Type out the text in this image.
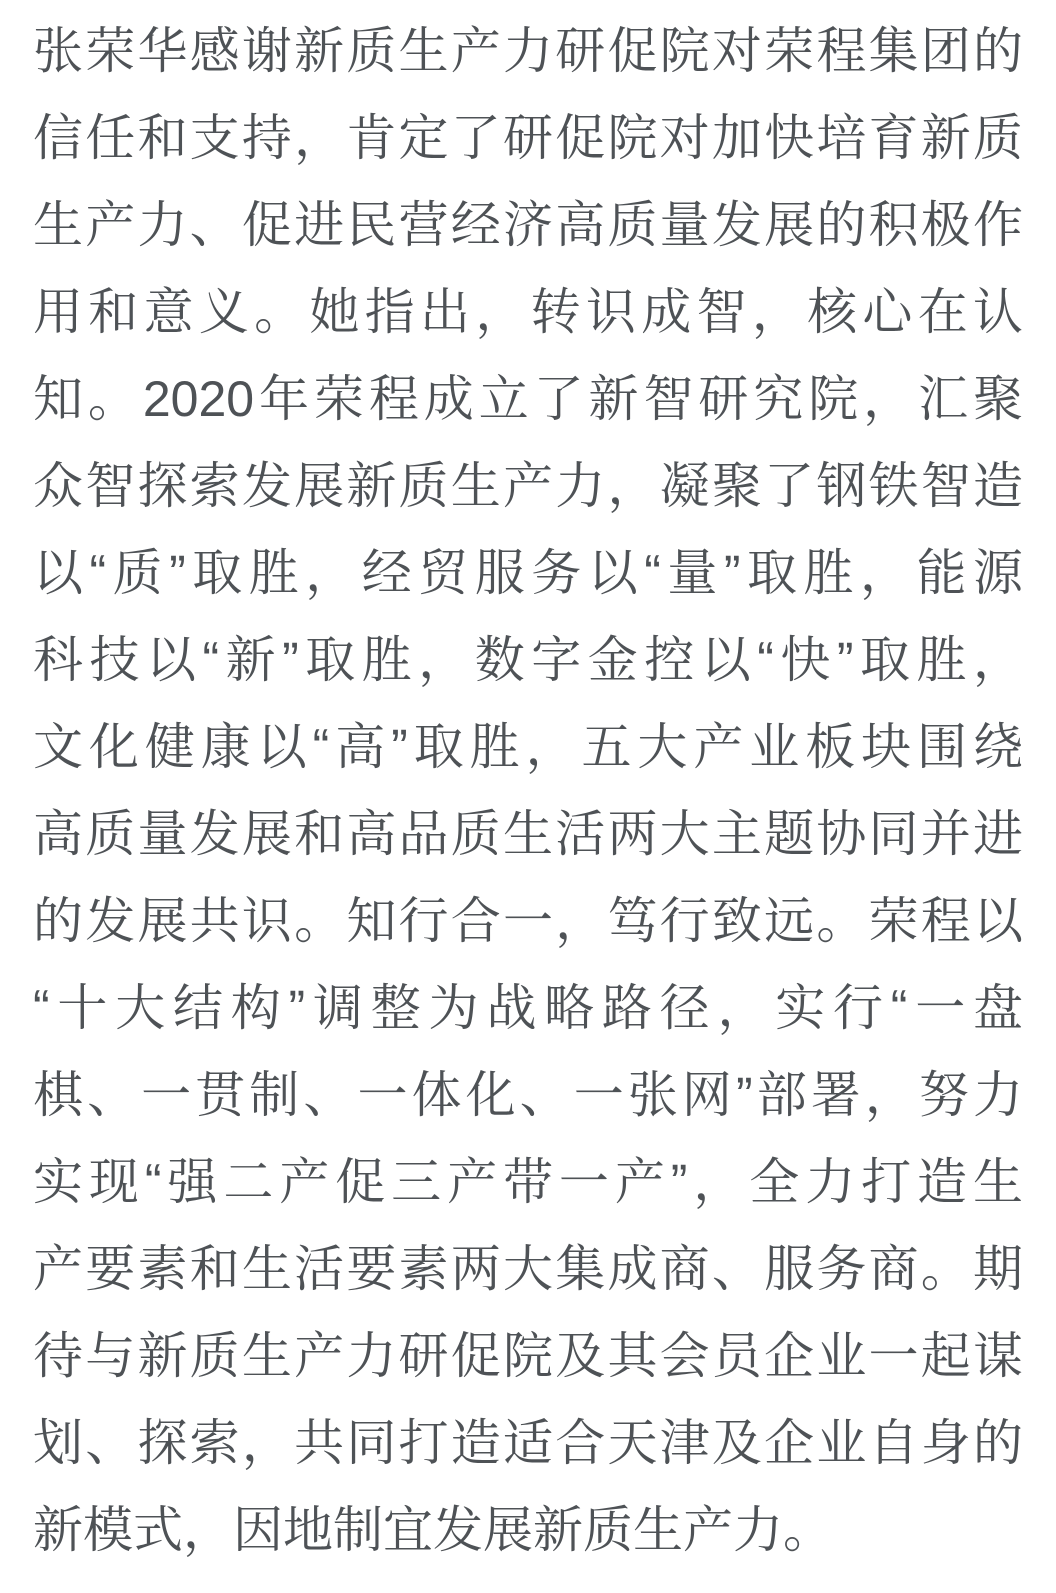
张荣华感谢新质生产力研促院对荣程集团的
信任和支持，肯定了研促院对加快培育新质
生产力、促进民营经济高质量发展的积极作
用和意义。她指出，转识成智，核心在认
知。2020年荣程成立了新智研究院，汇聚
众智探索发展新质生产力，凝聚了钢铁智造
以“质”取胜，经贸服务以“量”取胜，能源
科技以“新”取胜，数字金控以“快”取胜，
文化健康以“高”取胜，五大产业板块围绕
高质量发展和高品质生活两大主题协同并进
的发展共识。知行合一，笃行致远。荣程以
“十大结构”调整为战略路径，实行“一盘
棋、一贯制、一体化、一张网”部署，努力
实现“强二产促三产带一产”，全力打造生
产要素和生活要素两大集成商、服务商。期
待与新质生产力研促院及其会员企业一起谋
划、探索，共同打造适合天津及企业自身的
新模式，因地制宜发展新质生产力。
